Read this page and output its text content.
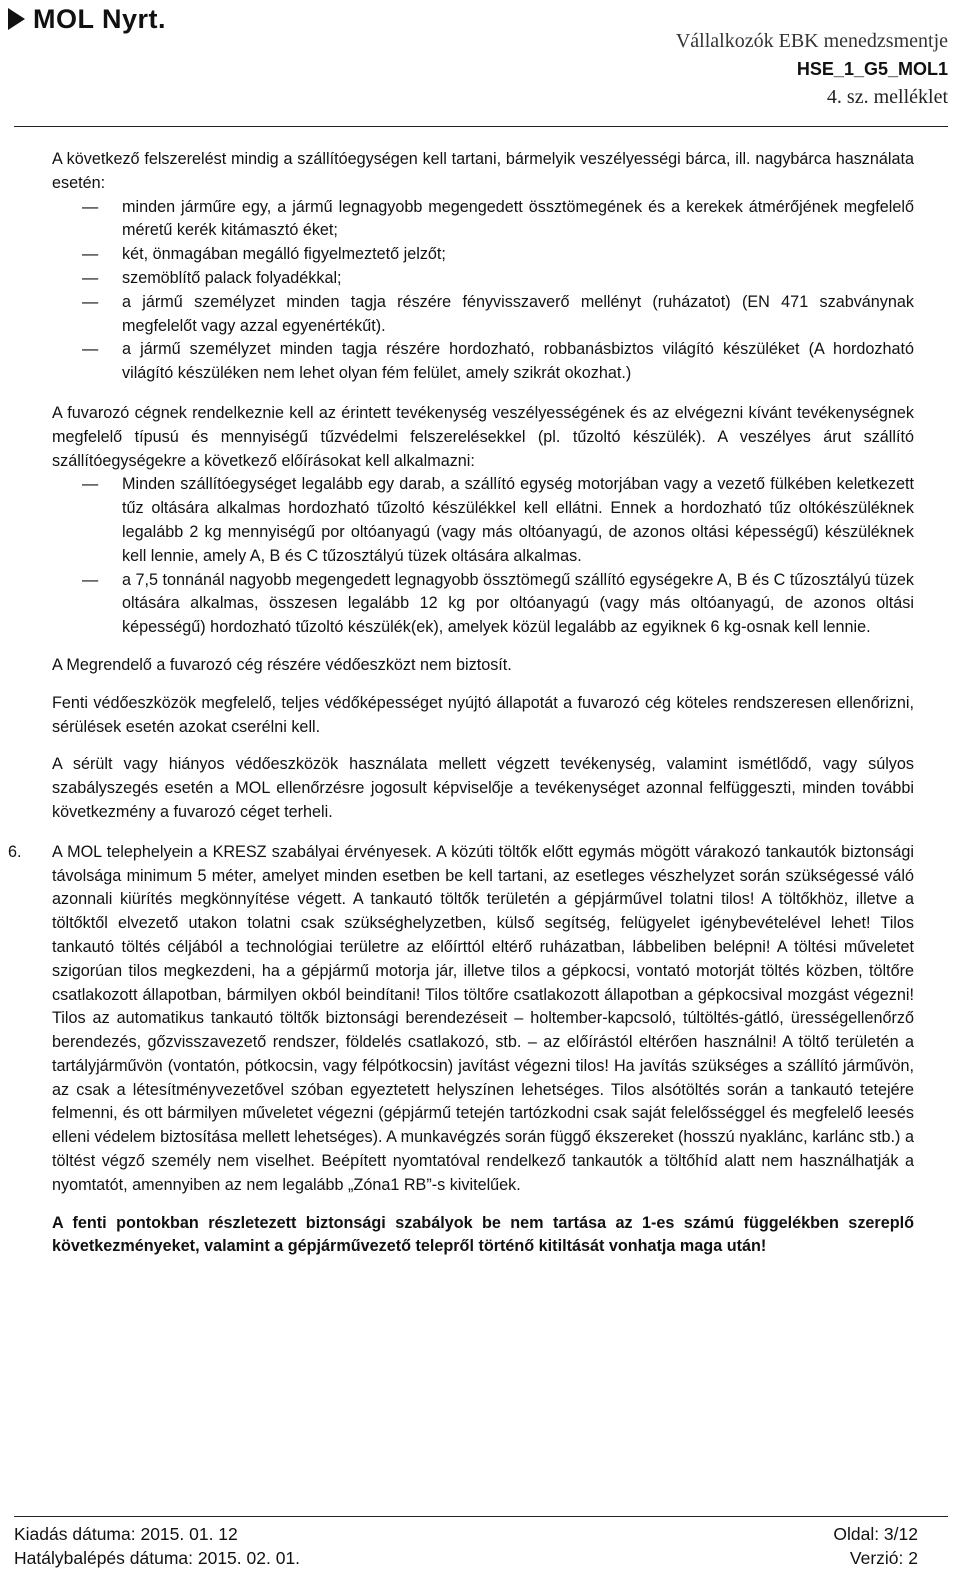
MOL Nyrt.
Vállalkozók EBK menedzsmentje
HSE_1_G5_MOL1
4. sz. melléklet

A következő felszerelést mindig a szállítóegységen kell tartani, bármelyik veszélyességi bárca, ill. nagybárca használata esetén:

— minden járműre egy, a jármű legnagyobb megengedett össztömegének és a kerekek átmérőjének megfelelő méretű kerék kitámasztó éket;
— két, önmagában megálló figyelmeztető jelzőt;
— szemöblítő palack folyadékkal;
— a jármű személyzet minden tagja részére fényvisszaverő mellényt (ruházatot) (EN 471 szabványnak megfelelőt vagy azzal egyenértékűt).
— a jármű személyzet minden tagja részére hordozható, robbanásbiztos világító készüléket (A hordozható világító készüléken nem lehet olyan fém felület, amely szikrát okozhat.)

A fuvarozó cégnek rendelkeznie kell az érintett tevékenység veszélyességének és az elvégezni kívánt tevékenységnek megfelelő típusú és mennyiségű tűzvédelmi felszerelésekkel (pl. tűzoltó készülék). A veszélyes árut szállító szállítóegységekre a következő előírásokat kell alkalmazni:

— Minden szállítóegységet legalább egy darab, a szállító egység motorjában vagy a vezető fülkében keletkezett tűz oltására alkalmas hordozható tűzoltó készülékkel kell ellátni. Ennek a hordozható tűz oltókészüléknek legalább 2 kg mennyiségű por oltóanyagú (vagy más oltóanyagú, de azonos oltási képességű) készüléknek kell lennie, amely A, B és C tűzosztályú tüzek oltására alkalmas.
— a 7,5 tonnánál nagyobb megengedett legnagyobb össztömegű szállító egységekre A, B és C tűzosztályú tüzek oltására alkalmas, összesen legalább 12 kg por oltóanyagú (vagy más oltóanyagú, de azonos oltási képességű) hordozható tűzoltó készülék(ek), amelyek közül legalább az egyiknek 6 kg-osnak kell lennie.

A Megrendelő a fuvarozó cég részére védőeszközt nem biztosít.

Fenti védőeszközök megfelelő, teljes védőképességet nyújtó állapotát a fuvarozó cég köteles rendszeresen ellenőrizni, sérülések esetén azokat cserélni kell.

A sérült vagy hiányos védőeszközök használata mellett végzett tevékenység, valamint ismétlődő, vagy súlyos szabályszegés esetén a MOL ellenőrzésre jogosult képviselője a tevékenységet azonnal felfüggeszti, minden további következmény a fuvarozó céget terheli.

6. A MOL telephelyein a KRESZ szabályai érvényesek. A közúti töltők előtt egymás mögött várakozó tankautók biztonsági távolsága minimum 5 méter, amelyet minden esetben be kell tartani, az esetleges vészhelyzet során szükségessé váló azonnali kiürítés megkönnyítése végett. A tankautó töltők területén a gépjárművel tolatni tilos! A töltőkhöz, illetve a töltőktől elvezető utakon tolatni csak szükséghelyzetben, külső segítség, felügyelet igénybevételével lehet! Tilos tankautó töltés céljából a technológiai területre az előírttól eltérő ruházatban, lábbeliben belépni! A töltési műveletet szigorúan tilos megkezdeni, ha a gépjármű motorja jár, illetve tilos a gépkocsi, vontató motorját töltés közben, töltőre csatlakozott állapotban, bármilyen okból beindítani! Tilos töltőre csatlakozott állapotban a gépkocsival mozgást végezni! Tilos az automatikus tankautó töltők biztonsági berendezéseit – holtember-kapcsoló, túltöltés-gátló, ürességellenőrző berendezés, gőzvisszavezető rendszer, földelés csatlakozó, stb. – az előírástól eltérően használni! A töltő területén a tartályjárművön (vontatón, pótkocsin, vagy félpótkocsin) javítást végezni tilos! Ha javítás szükséges a szállító járművön, az csak a létesítményvezetővel szóban egyeztetett helyszínen lehetséges. Tilos alsótöltés során a tankautó tetejére felmenni, és ott bármilyen műveletet végezni (gépjármű tetején tartózkodni csak saját felelősséggel és megfelelő leesés elleni védelem biztosítása mellett lehetséges). A munkavégzés során függő ékszereket (hosszú nyaklánc, karlánc stb.) a töltést végző személy nem viselhet. Beépített nyomtatóval rendelkező tankautók a töltőhíd alatt nem használhatják a nyomtatót, amennyiben az nem legalább „Zóna1 RB”-s kivitelűek.

A fenti pontokban részletezett biztonsági szabályok be nem tartása az 1-es számú függelékben szereplő következményeket, valamint a gépjárművezető telepről történő kitiltását vonhatja maga után!

Kiadás dátuma: 2015. 01. 12	Oldal: 3/12
Hatálybalépés dátuma: 2015. 02. 01.	Verzió: 2
